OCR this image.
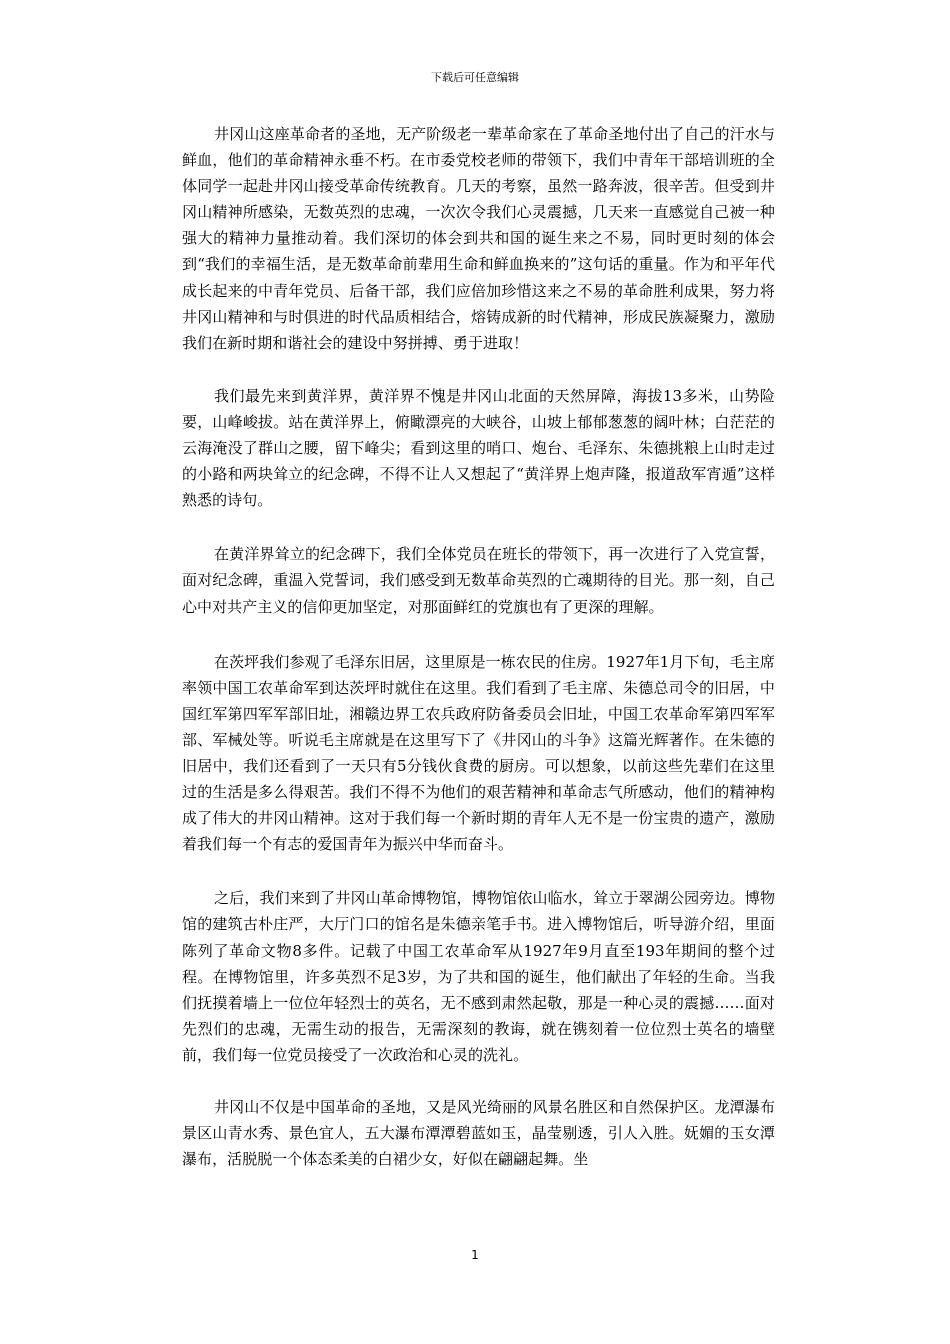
下载后可任意编辑

井冈山这座革命者的圣地，无产阶级老一辈革命家在了革命圣地付出了自己的汗水与鲜血，他们的革命精神永垂不朽。在市委党校老师的带领下，我们中青年干部培训班的全体同学一起赴井冈山接受革命传统教育。几天的考察，虽然一路奔波，很辛苦。但受到井冈山精神所感染，无数英烈的忠魂，一次次令我们心灵震撼，几天来一直感觉自己被一种强大的精神力量推动着。我们深切的体会到共和国的诞生来之不易，同时更时刻的体会到“我们的幸福生活，是无数革命前辈用生命和鲜血换来的”这句话的重量。作为和平年代成长起来的中青年党员、后备干部，我们应倍加珍惜这来之不易的革命胜利成果，努力将井冈山精神和与时俱进的时代品质相结合，熔铸成新的时代精神，形成民族凝聚力，激励我们在新时期和谐社会的建设中努拼搏、勇于进取！

我们最先来到黄洋界，黄洋界不愧是井冈山北面的天然屏障，海拔13多米，山势险要，山峰峻拔。站在黄洋界上，俯瞰漂亮的大峡谷，山坡上郁郁葱葱的阔叶林；白茫茫的云海淹没了群山之腰，留下峰尖；看到这里的哨口、炮台、毛泽东、朱德挑粮上山时走过的小路和两块耸立的纪念碑，不得不让人又想起了“黄洋界上炮声隆，报道敌军宵遁”这样熟悉的诗句。

在黄洋界耸立的纪念碑下，我们全体党员在班长的带领下，再一次进行了入党宣誓，面对纪念碑，重温入党誓词，我们感受到无数革命英烈的亡魂期待的目光。那一刻，自己心中对共产主义的信仰更加坚定，对那面鲜红的党旗也有了更深的理解。

在茨坪我们参观了毛泽东旧居，这里原是一栋农民的住房。1927年1月下旬，毛主席率领中国工农革命军到达茨坪时就住在这里。我们看到了毛主席、朱德总司令的旧居，中国红军第四军军部旧址，湘赣边界工农兵政府防备委员会旧址，中国工农革命军第四军军部、军械处等。听说毛主席就是在这里写下了《井冈山的斗争》这篇光辉著作。在朱德的旧居中，我们还看到了一天只有5分钱伙食费的厨房。可以想象，以前这些先辈们在这里过的生活是多么得艰苦。我们不得不为他们的艰苦精神和革命志气所感动，他们的精神构成了伟大的井冈山精神。这对于我们每一个新时期的青年人无不是一份宝贵的遗产，激励着我们每一个有志的爱国青年为振兴中华而奋斗。

之后，我们来到了井冈山革命博物馆，博物馆依山临水，耸立于翠湖公园旁边。博物馆的建筑古朴庄严，大厅门口的馆名是朱德亲笔手书。进入博物馆后，听导游介绍，里面陈列了革命文物8多件。记载了中国工农革命军从1927年9月直至193年期间的整个过程。在博物馆里，许多英烈不足3岁，为了共和国的诞生，他们献出了年轻的生命。当我们抚摸着墙上一位位年轻烈士的英名，无不感到肃然起敬，那是一种心灵的震撼……面对先烈们的忠魂，无需生动的报告，无需深刻的教诲，就在镌刻着一位位烈士英名的墙壁前，我们每一位党员接受了一次政治和心灵的洗礼。

井冈山不仅是中国革命的圣地，又是风光绮丽的风景名胜区和自然保护区。龙潭瀑布景区山青水秀、景色宜人，五大瀑布潭潭碧蓝如玉，晶莹剔透，引人入胜。妩媚的玉女潭瀑布，活脱脱一个体态柔美的白裙少女，好似在翩翩起舞。坐

1
